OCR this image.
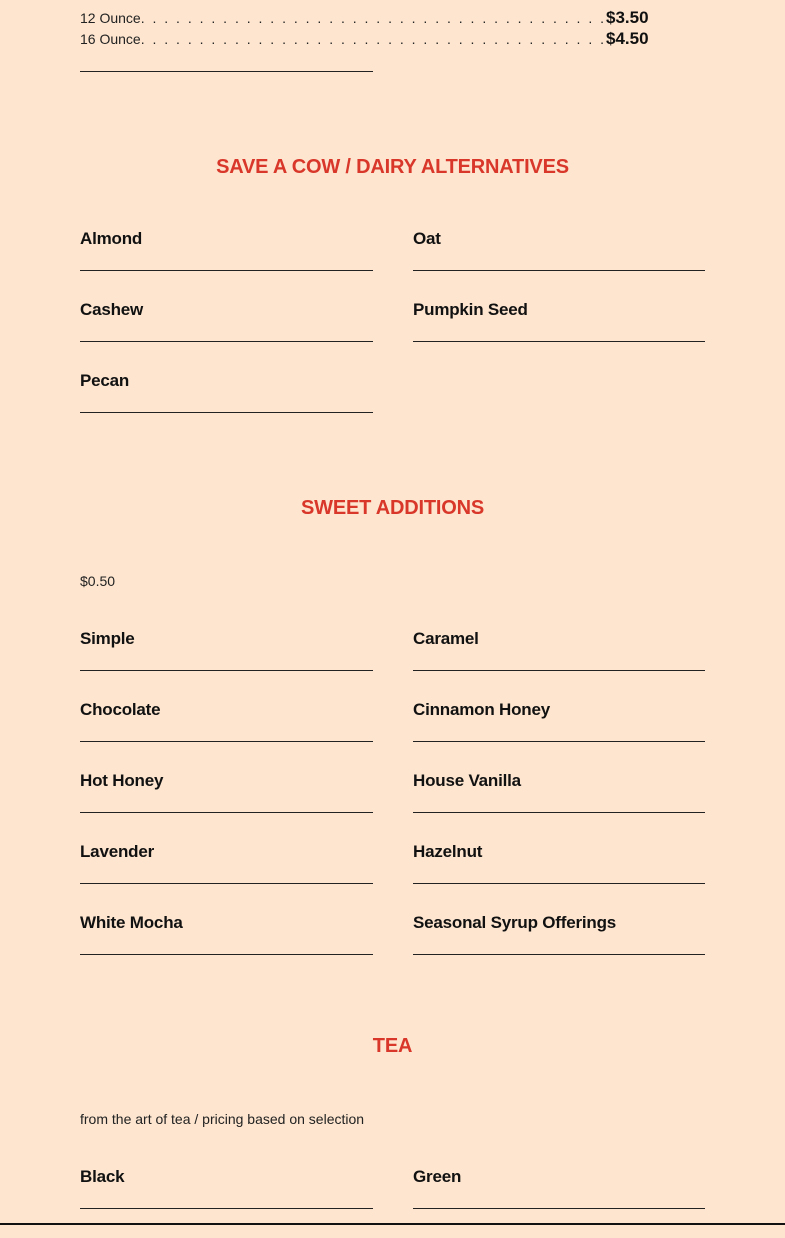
12 Ounce . . . . . . . . . . . . . . . . . . . . . . . . . . . . . . . . . . . . . . . . $3.50
16 Ounce . . . . . . . . . . . . . . . . . . . . . . . . . . . . . . . . . . . . . . . . $4.50
SAVE A COW / DAIRY ALTERNATIVES
Almond	Oat
Cashew	Pumpkin Seed
Pecan
SWEET ADDITIONS
$0.50
Simple	Caramel
Chocolate	Cinnamon Honey
Hot Honey	House Vanilla
Lavender	Hazelnut
White Mocha	Seasonal Syrup Offerings
TEA
from the art of tea / pricing based on selection
Black	Green
